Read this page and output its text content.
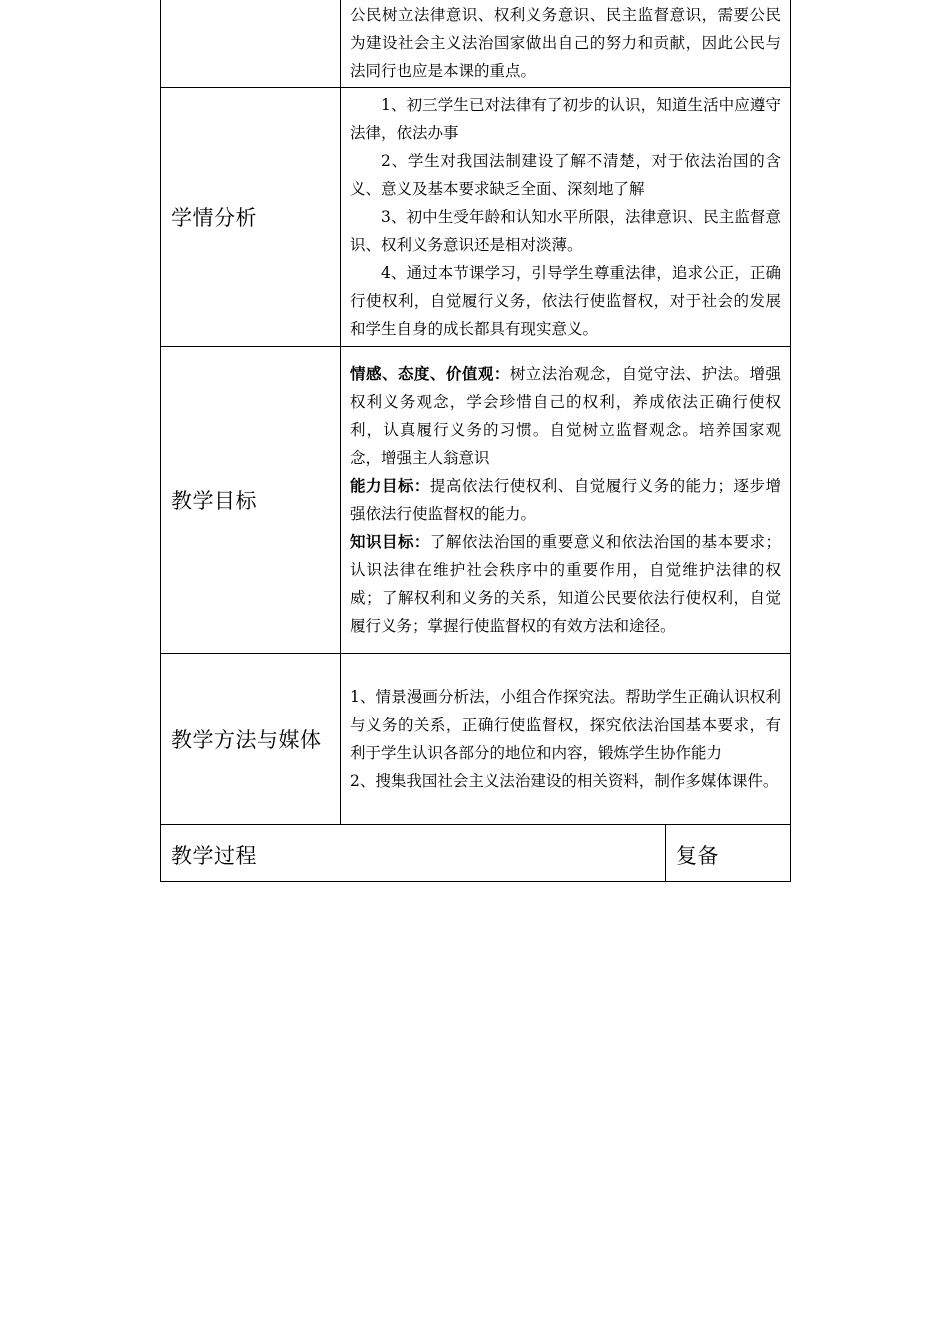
	公民树立法律意识、权利义务意识、民主监督意识，需要公民为建设社会主义法治国家做出自己的努力和贡献，因此公民与法同行也应是本课的重点。	

学情分析	1、初三学生已对法律有了初步的认识，知道生活中应遵守法律，依法办事

2、学生对我国法制建设了解不清楚，对于依法治国的含义、意义及基本要求缺乏全面、深刻地了解

3、初中生受年龄和认知水平所限，法律意识、民主监督意识、权利义务意识还是相对淡薄。

4、通过本节课学习，引导学生尊重法律，追求公正，正确行使权利，自觉履行义务，依法行使监督权，对于社会的发展和学生自身的成长都具有现实意义。	

教学目标	情感、态度、价值观：树立法治观念，自觉守法、护法。增强权利义务观念，学会珍惜自己的权利，养成依法正确行使权利，认真履行义务的习惯。自觉树立监督观念。培养国家观念，增强主人翁意识

能力目标：提高依法行使权利、自觉履行义务的能力；逐步增强依法行使监督权的能力。

知识目标：了解依法治国的重要意义和依法治国的基本要求；认识法律在维护社会秩序中的重要作用，自觉维护法律的权威；了解权利和义务的关系，知道公民要依法行使权利，自觉履行义务；掌握行使监督权的有效方法和途径。	

教学方法与媒体	1、情景漫画分析法，小组合作探究法。帮助学生正确认识权利与义务的关系，正确行使监督权，探究依法治国基本要求，有利于学生认识各部分的地位和内容，锻炼学生协作能力

2、搜集我国社会主义法治建设的相关资料，制作多媒体课件。	

教学过程		复备
